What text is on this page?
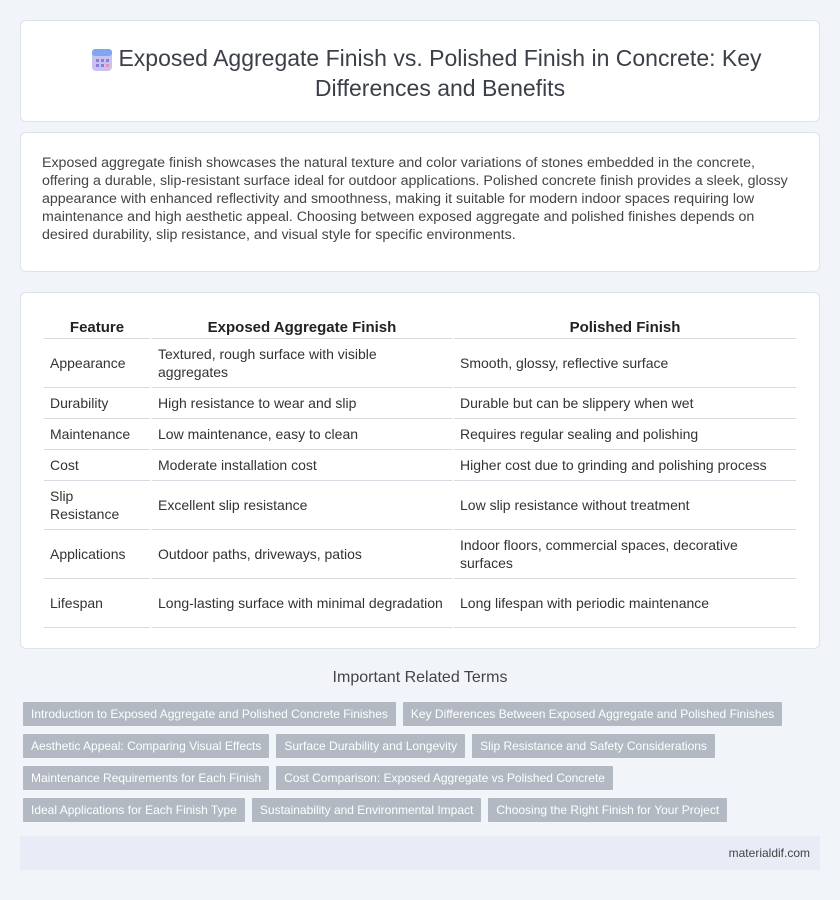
Exposed Aggregate Finish vs. Polished Finish in Concrete: Key Differences and Benefits

Exposed aggregate finish showcases the natural texture and color variations of stones embedded in the concrete, offering a durable, slip-resistant surface ideal for outdoor applications. Polished concrete finish provides a sleek, glossy appearance with enhanced reflectivity and smoothness, making it suitable for modern indoor spaces requiring low maintenance and high aesthetic appeal. Choosing between exposed aggregate and polished finishes depends on desired durability, slip resistance, and visual style for specific environments.

Feature	Exposed Aggregate Finish	Polished Finish
Appearance	Textured, rough surface with visible aggregates	Smooth, glossy, reflective surface
Durability	High resistance to wear and slip	Durable but can be slippery when wet
Maintenance	Low maintenance, easy to clean	Requires regular sealing and polishing
Cost	Moderate installation cost	Higher cost due to grinding and polishing process
Slip Resistance	Excellent slip resistance	Low slip resistance without treatment
Applications	Outdoor paths, driveways, patios	Indoor floors, commercial spaces, decorative surfaces
Lifespan	Long-lasting surface with minimal degradation	Long lifespan with periodic maintenance
Important Related Terms
Introduction to Exposed Aggregate and Polished Concrete Finishes	Key Differences Between Exposed Aggregate and Polished Finishes
Aesthetic Appeal: Comparing Visual Effects	Surface Durability and Longevity	Slip Resistance and Safety Considerations
Maintenance Requirements for Each Finish	Cost Comparison: Exposed Aggregate vs Polished Concrete
Ideal Applications for Each Finish Type	Sustainability and Environmental Impact	Choosing the Right Finish for Your Project
materialdif.com
